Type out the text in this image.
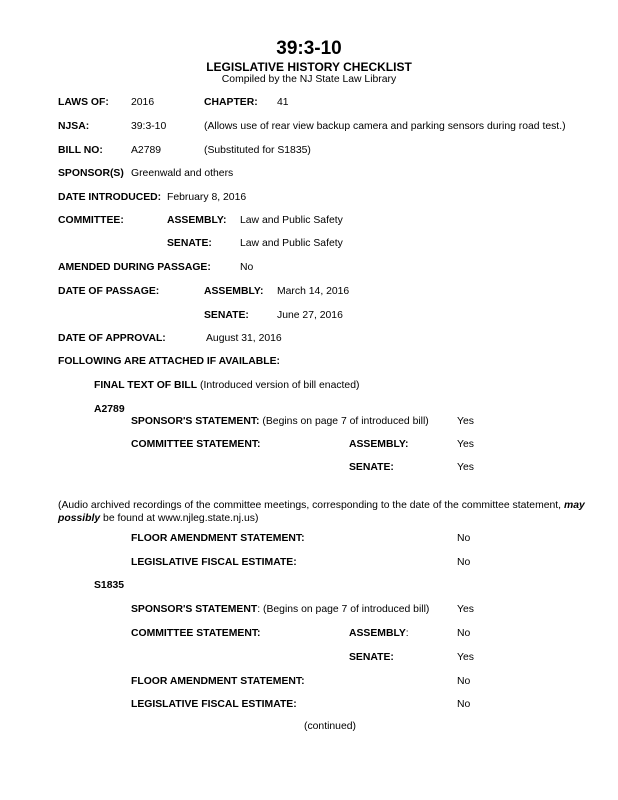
39:3-10
LEGISLATIVE HISTORY CHECKLIST
Compiled by the NJ State Law Library
LAWS OF: 2016	CHAPTER: 41
NJSA:	39:3-10	(Allows use of rear view backup camera and parking sensors during road test.)
BILL NO:	A2789	(Substituted for S1835)
SPONSOR(S) Greenwald and others
DATE INTRODUCED: February 8, 2016
COMMITTEE:	ASSEMBLY: Law and Public Safety
SENATE:	Law and Public Safety
AMENDED DURING PASSAGE:	No
DATE OF PASSAGE:	ASSEMBLY: March 14, 2016
SENATE:	June 27, 2016
DATE OF APPROVAL:	August 31, 2016
FOLLOWING ARE ATTACHED IF AVAILABLE:
FINAL TEXT OF BILL (Introduced version of bill enacted)
A2789
SPONSOR'S STATEMENT: (Begins on page 7 of introduced bill)	Yes
COMMITTEE STATEMENT:	ASSEMBLY:	Yes
SENATE:	Yes
(Audio archived recordings of the committee meetings, corresponding to the date of the committee statement, may possibly be found at www.njleg.state.nj.us)
FLOOR AMENDMENT STATEMENT:	No
LEGISLATIVE FISCAL ESTIMATE:	No
S1835
SPONSOR'S STATEMENT: (Begins on page 7 of introduced bill)	Yes
COMMITTEE STATEMENT:	ASSEMBLY:	No
SENATE:	Yes
FLOOR AMENDMENT STATEMENT:	No
LEGISLATIVE FISCAL ESTIMATE:	No
(continued)
